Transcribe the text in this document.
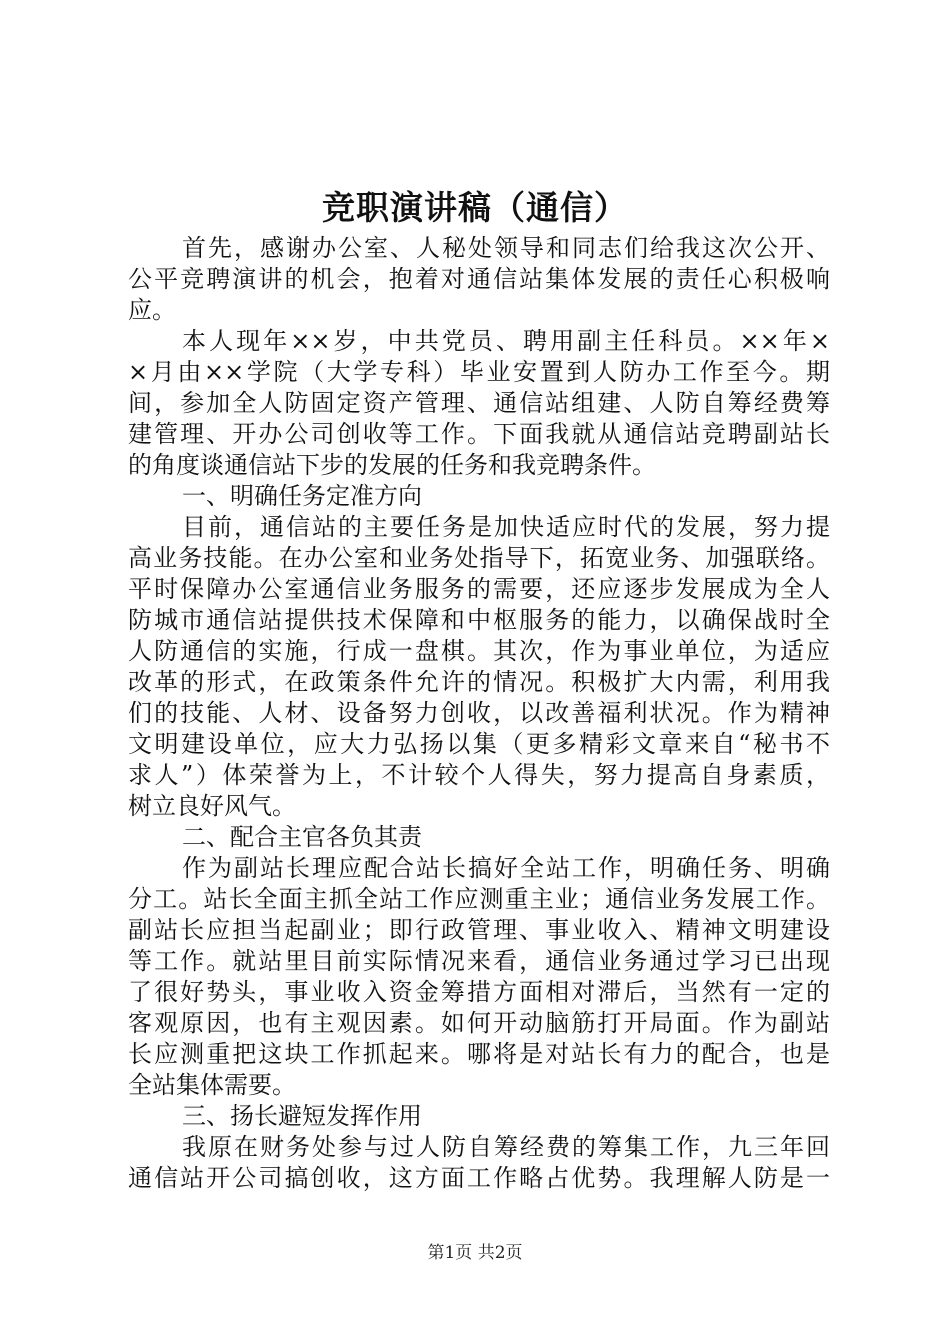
竞职演讲稿（通信）
首先，感谢办公室、人秘处领导和同志们给我这次公开、
公平竞聘演讲的机会，抱着对通信站集体发展的责任心积极响
应。
本人现年××岁，中共党员、聘用副主任科员。××年×
×月由××学院（大学专科）毕业安置到人防办工作至今。期
间，参加全人防固定资产管理、通信站组建、人防自筹经费筹
建管理、开办公司创收等工作。下面我就从通信站竞聘副站长
的角度谈通信站下步的发展的任务和我竞聘条件。
一、明确任务定准方向
目前，通信站的主要任务是加快适应时代的发展，努力提
高业务技能。在办公室和业务处指导下，拓宽业务、加强联络。
平时保障办公室通信业务服务的需要，还应逐步发展成为全人
防城市通信站提供技术保障和中枢服务的能力，以确保战时全
人防通信的实施，行成一盘棋。其次，作为事业单位，为适应
改革的形式，在政策条件允许的情况。积极扩大内需，利用我
们的技能、人材、设备努力创收，以改善福利状况。作为精神
文明建设单位，应大力弘扬以集（更多精彩文章来自“秘书不
求人”）体荣誉为上，不计较个人得失，努力提高自身素质，
树立良好风气。
二、配合主官各负其责
作为副站长理应配合站长搞好全站工作，明确任务、明确
分工。站长全面主抓全站工作应测重主业；通信业务发展工作。
副站长应担当起副业；即行政管理、事业收入、精神文明建设
等工作。就站里目前实际情况来看，通信业务通过学习已出现
了很好势头，事业收入资金筹措方面相对滞后，当然有一定的
客观原因，也有主观因素。如何开动脑筋打开局面。作为副站
长应测重把这块工作抓起来。哪将是对站长有力的配合，也是
全站集体需要。
三、扬长避短发挥作用
我原在财务处参与过人防自筹经费的筹集工作，九三年回
通信站开公司搞创收，这方面工作略占优势。我理解人防是一
第1页 共2页
